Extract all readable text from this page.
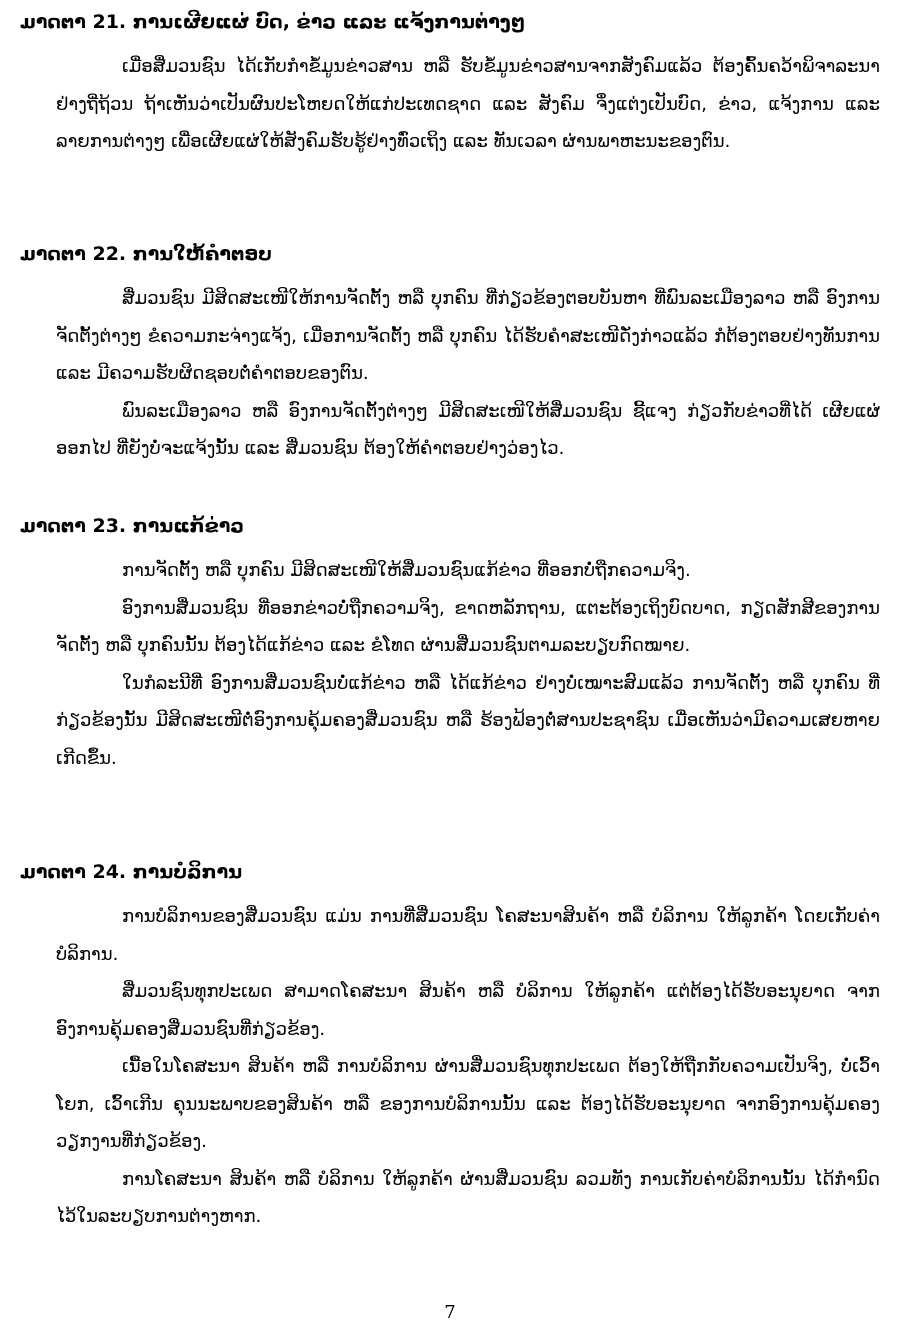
ມາດຕາ 21. ການເຜີຍແຜ່ ບົດ, ຂ່າວ ແລະ ແຈ້ງການຕ່າງໆ

ເມື່ອສື່ມວນຊົນ ໄດ້ເກັບກຳຂໍ້ມູນຂ່າວສານ ຫລື ຮັບຂໍ້ມູນຂ່າວສານຈາກສັງຄົມແລ້ວ ຕ້ອງຄົ້ນຄວ້າພິຈາລະນາຢ່າງຖີ່ຖ້ວນ ຖ້າເຫັນວ່າເປັນຜົນປະໂຫຍດໃຫ້ແກ່ປະເທດຊາດ ແລະ ສັງຄົມ ຈຶ່ງແຕ່ງເປັນບົດ, ຂ່າວ, ແຈ້ງການ ແລະ ລາຍການຕ່າງໆ ເພື່ອເຜີຍແຜ່ໃຫ້ສັງຄົມຮັບຮູ້ຢ່າງທົ່ວເຖິງ ແລະ ທັນເວລາ ຜ່ານພາຫະນະຂອງຕົນ.

ມາດຕາ 22. ການໃຫ້ຄຳຕອບ

ສື່ມວນຊົນ ມີສິດສະເໜີໃຫ້ການຈັດຕັ້ງ ຫລື ບຸກຄົນ ທີ່ກ່ຽວຂ້ອງຕອບບັນຫາ ທີ່ພົນລະເມືອງລາວ ຫລື ອົງການຈັດຕັ້ງຕ່າງໆ ຂໍຄວາມກະຈ່າງແຈ້ງ, ເມື່ອການຈັດຕັ້ງ ຫລື ບຸກຄົນ ໄດ້ຮັບຄຳສະເໜີດັ່ງກ່າວແລ້ວ ກໍຕ້ອງຕອບຢ່າງທັນການ ແລະ ມີຄວາມຮັບຜິດຊອບຕໍ່ຄຳຕອບຂອງຕົນ.

ພົນລະເມືອງລາວ ຫລື ອົງການຈັດຕັ້ງຕ່າງໆ ມີສິດສະເໜີໃຫ້ສື່ມວນຊົນ ຊີ້ແຈງ ກ່ຽວກັບຂ່າວທີ່ໄດ້ ເຜີຍແຜ່ອອກໄປ ທີ່ຍັງບໍ່ຈະແຈ້ງນັ້ນ ແລະ ສື່ມວນຊົນ ຕ້ອງໃຫ້ຄຳຕອບຢ່າງວ່ອງໄວ.

ມາດຕາ 23. ການແກ້ຂ່າວ

ການຈັດຕັ້ງ ຫລື ບຸກຄົນ ມີສິດສະເໜີໃຫ້ສື່ມວນຊົນແກ້ຂ່າວ ທີ່ອອກບໍ່ຖືກຄວາມຈິງ.

ອົງການສື່ມວນຊົນ ທີ່ອອກຂ່າວບໍ່ຖືກຄວາມຈິງ, ຂາດຫລັກຖານ, ແຕະຕ້ອງເຖິງບົດບາດ, ກຽດສັກສີຂອງການຈັດຕັ້ງ ຫລື ບຸກຄົນນັ້ນ ຕ້ອງໄດ້ແກ້ຂ່າວ ແລະ ຂໍໂທດ ຜ່ານສື່ມວນຊົນຕາມລະບຽບກົດໝາຍ.

ໃນກໍລະນີທີ່ ອົງການສື່ມວນຊົນບໍ່ແກ້ຂ່າວ ຫລື ໄດ້ແກ້ຂ່າວ ຢ່າງບໍ່ເໝາະສົມແລ້ວ ການຈັດຕັ້ງ ຫລື ບຸກຄົນ ທີ່ກ່ຽວຂ້ອງນັ້ນ ມີສິດສະເໜີຕໍ່ອົງການຄຸ້ມຄອງສື່ມວນຊົນ ຫລື ຮ້ອງຟ້ອງຕໍ່ສານປະຊາຊົນ ເມື່ອເຫັນວ່າມີຄວາມເສຍຫາຍເກີດຂຶ້ນ.

ມາດຕາ 24. ການບໍລິການ

ການບໍລິການຂອງສື່ມວນຊົນ ແມ່ນ ການທີ່ສື່ມວນຊົນ ໂຄສະນາສິນຄ້າ ຫລື ບໍລິການ ໃຫ້ລູກຄ້າ ໂດຍເກັບຄ່າບໍລິການ.

ສື່ມວນຊົນທຸກປະເພດ ສາມາດໂຄສະນາ ສິນຄ້າ ຫລື ບໍລິການ ໃຫ້ລູກຄ້າ ແຕ່ຕ້ອງໄດ້ຮັບອະນຸຍາດ ຈາກອົງການຄຸ້ມຄອງສື່ມວນຊົນທີ່ກ່ຽວຂ້ອງ.

ເນື້ອໃນໂຄສະນາ ສິນຄ້າ ຫລື ການບໍລິການ ຜ່ານສື່ມວນຊົນທຸກປະເພດ ຕ້ອງໃຫ້ຖືກກັບຄວາມເປັນຈິງ, ບໍ່ເວົ້າໂຍກ, ເວົ້າເກີນ ຄຸນນະພາບຂອງສິນຄ້າ ຫລື ຂອງການບໍລິການນັ້ນ ແລະ ຕ້ອງໄດ້ຮັບອະນຸຍາດ ຈາກອົງການຄຸ້ມຄອງວຽກງານທີ່ກ່ຽວຂ້ອງ.

ການໂຄສະນາ ສິນຄ້າ ຫລື ບໍລິການ ໃຫ້ລູກຄ້າ ຜ່ານສື່ມວນຊົນ ລວມທັງ ການເກັບຄ່າບໍລິການນັ້ນ ໄດ້ກຳນົດໄວ້ໃນລະບຽບການຕ່າງຫາກ.

7
